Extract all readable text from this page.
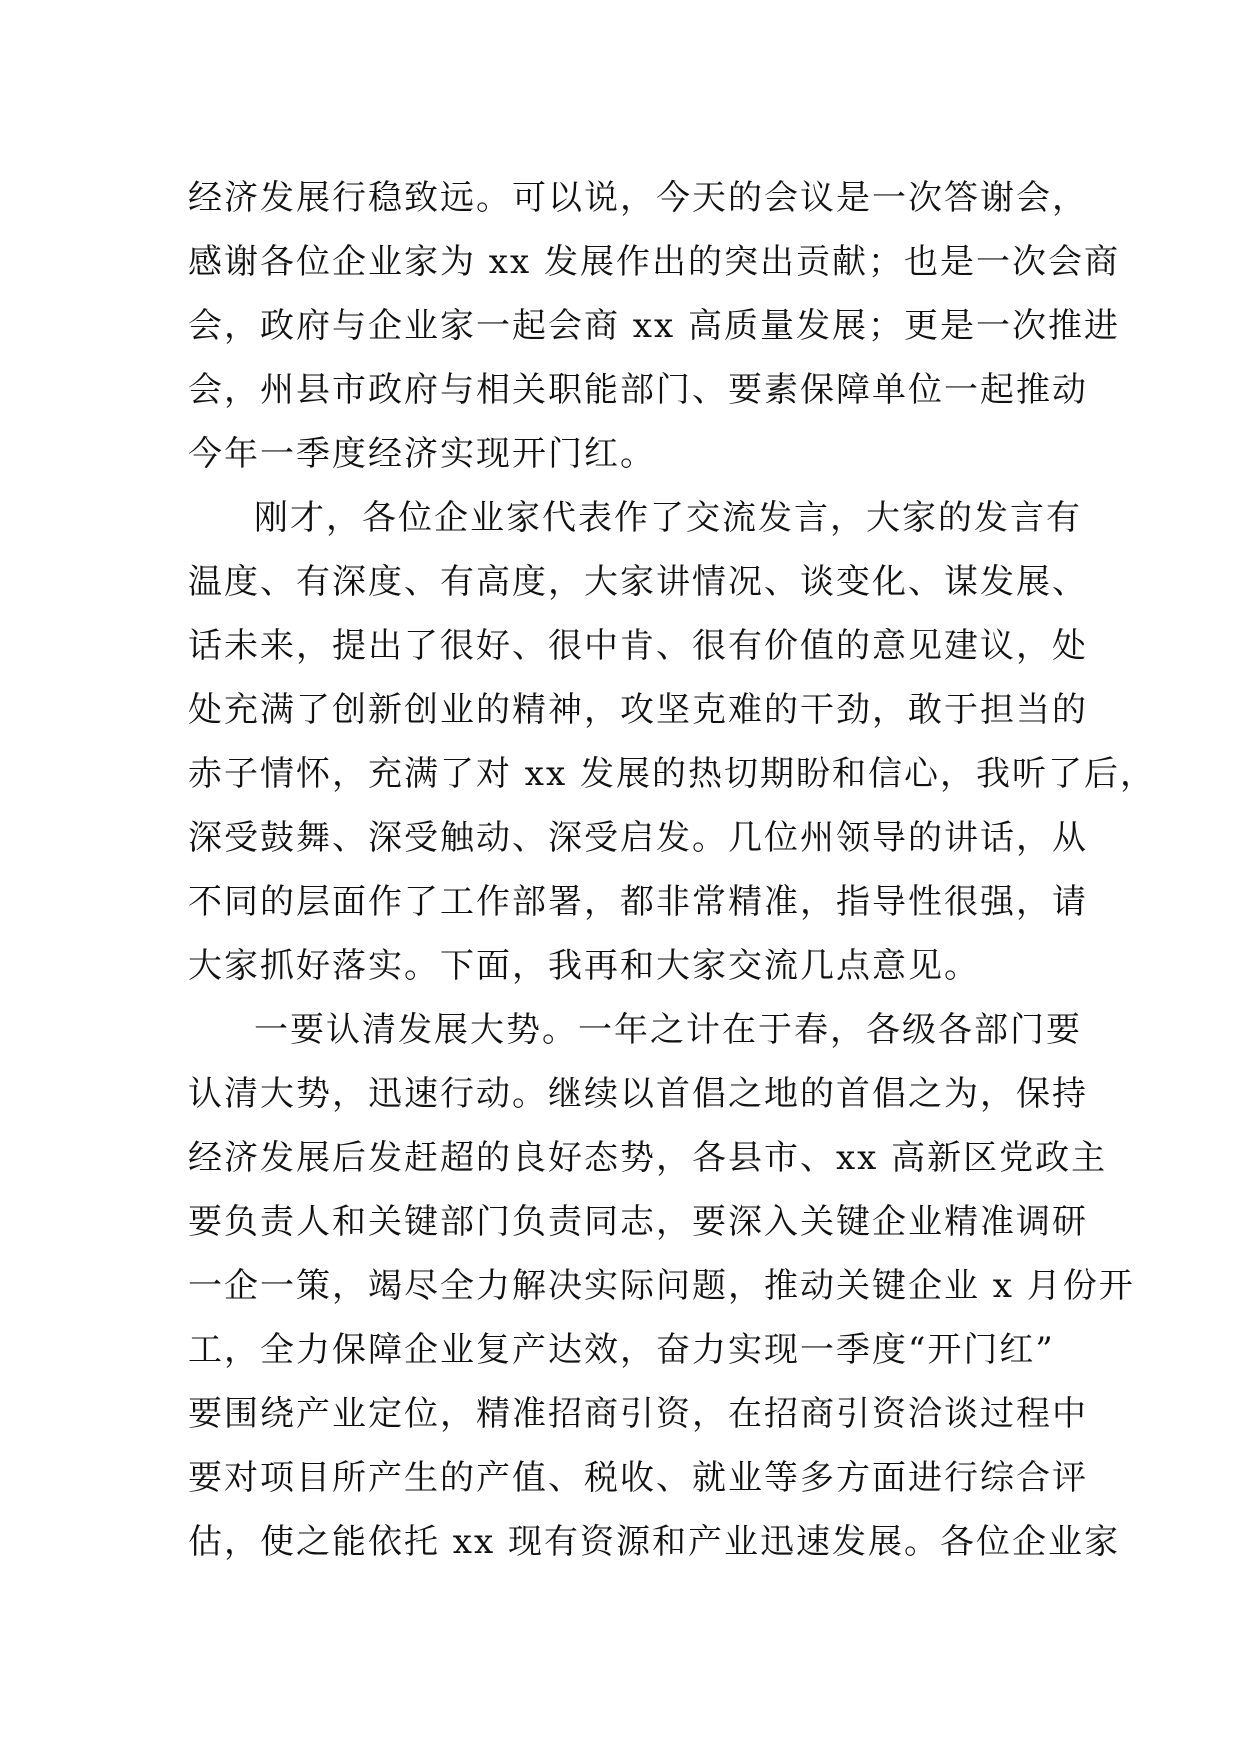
经济发展行稳致远。可以说，今天的会议是一次答谢会，
感谢各位企业家为 xx 发展作出的突出贡献；也是一次会商
会，政府与企业家一起会商 xx 高质量发展；更是一次推进
会，州县市政府与相关职能部门、要素保障单位一起推动
今年一季度经济实现开门红。
刚才，各位企业家代表作了交流发言，大家的发言有
温度、有深度、有高度，大家讲情况、谈变化、谋发展、
话未来，提出了很好、很中肯、很有价值的意见建议，处
处充满了创新创业的精神，攻坚克难的干劲，敢于担当的
赤子情怀，充满了对 xx 发展的热切期盼和信心，我听了后，
深受鼓舞、深受触动、深受启发。几位州领导的讲话，从
不同的层面作了工作部署，都非常精准，指导性很强，请
大家抓好落实。下面，我再和大家交流几点意见。
一要认清发展大势。一年之计在于春，各级各部门要
认清大势，迅速行动。继续以首倡之地的首倡之为，保持
经济发展后发赶超的良好态势，各县市、xx 高新区党政主
要负责人和关键部门负责同志，要深入关键企业精准调研
一企一策，竭尽全力解决实际问题，推动关键企业 x 月份开
工，全力保障企业复产达效，奋力实现一季度“开门红”
要围绕产业定位，精准招商引资，在招商引资洽谈过程中
要对项目所产生的产值、税收、就业等多方面进行综合评
估，使之能依托 xx 现有资源和产业迅速发展。各位企业家
